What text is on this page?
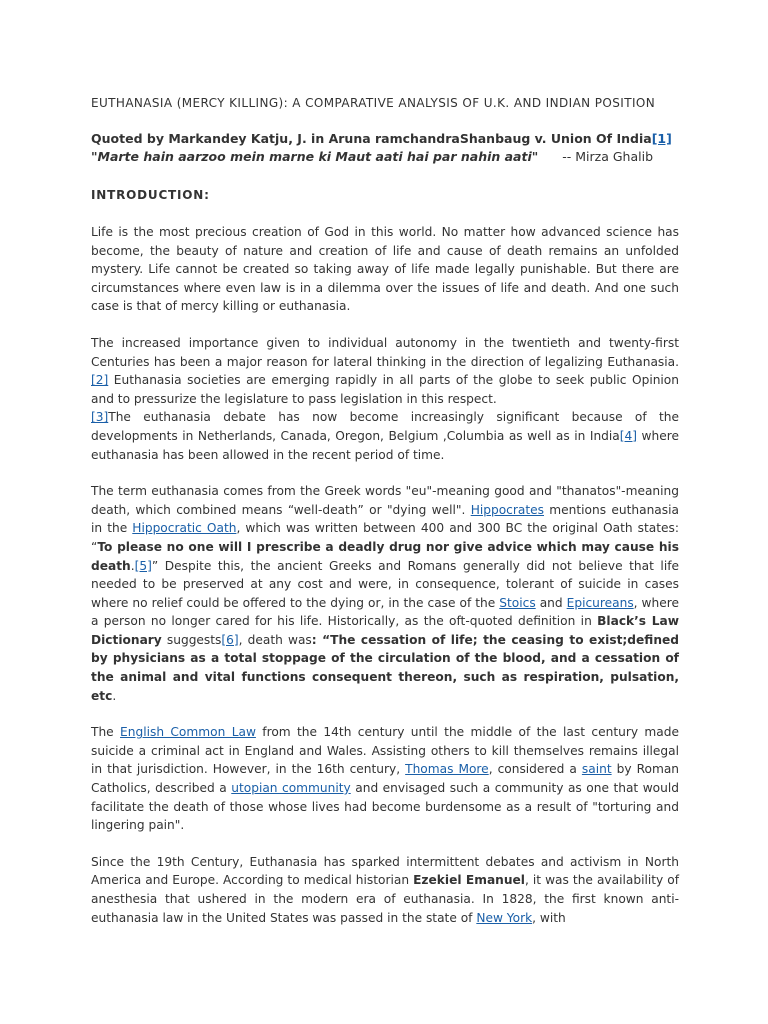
EUTHANASIA (MERCY KILLING): A COMPARATIVE ANALYSIS OF U.K. AND INDIAN POSITION
Quoted by Markandey Katju, J. in Aruna ramchandraShanbaug v. Union Of India[1]
"Marte hain aarzoo mein marne ki Maut aati hai par nahin aati" -- Mirza Ghalib
INTRODUCTION:

Life is the most precious creation of God in this world. No matter how advanced science has become, the beauty of nature and creation of life and cause of death remains an unfolded mystery. Life cannot be created so taking away of life made legally punishable. But there are circumstances where even law is in a dilemma over the issues of life and death. And one such case is that of mercy killing or euthanasia.

The increased importance given to individual autonomy in the twentieth and twenty-first Centuries has been a major reason for lateral thinking in the direction of legalizing Euthanasia.[2] Euthanasia societies are emerging rapidly in all parts of the globe to seek public Opinion and to pressurize the legislature to pass legislation in this respect.
[3]The euthanasia debate has now become increasingly significant because of the developments in Netherlands, Canada, Oregon, Belgium ,Columbia as well as in India[4] where euthanasia has been allowed in the recent period of time.

The term euthanasia comes from the Greek words "eu"-meaning good and "thanatos"-meaning death, which combined means “well-death” or "dying well". Hippocrates mentions euthanasia in the Hippocratic Oath, which was written between 400 and 300 BC the original Oath states: “To please no one will I prescribe a deadly drug nor give advice which may cause his death.[5]” Despite this, the ancient Greeks and Romans generally did not believe that life needed to be preserved at any cost and were, in consequence, tolerant of suicide in cases where no relief could be offered to the dying or, in the case of the Stoics and Epicureans, where a person no longer cared for his life. Historically, as the oft-quoted definition in Black’s Law Dictionary suggests[6], death was: “The cessation of life; the ceasing to exist;defined by physicians as a total stoppage of the circulation of the blood, and a cessation of the animal and vital functions consequent thereon, such as respiration, pulsation, etc.

The English Common Law from the 14th century until the middle of the last century made suicide a criminal act in England and Wales. Assisting others to kill themselves remains illegal in that jurisdiction. However, in the 16th century, Thomas More, considered a saint by Roman Catholics, described a utopian community and envisaged such a community as one that would facilitate the death of those whose lives had become burdensome as a result of "torturing and lingering pain".

Since the 19th Century, Euthanasia has sparked intermittent debates and activism in North America and Europe. According to medical historian Ezekiel Emanuel, it was the availability of anesthesia that ushered in the modern era of euthanasia. In 1828, the first known anti-euthanasia law in the United States was passed in the state of New York, with
